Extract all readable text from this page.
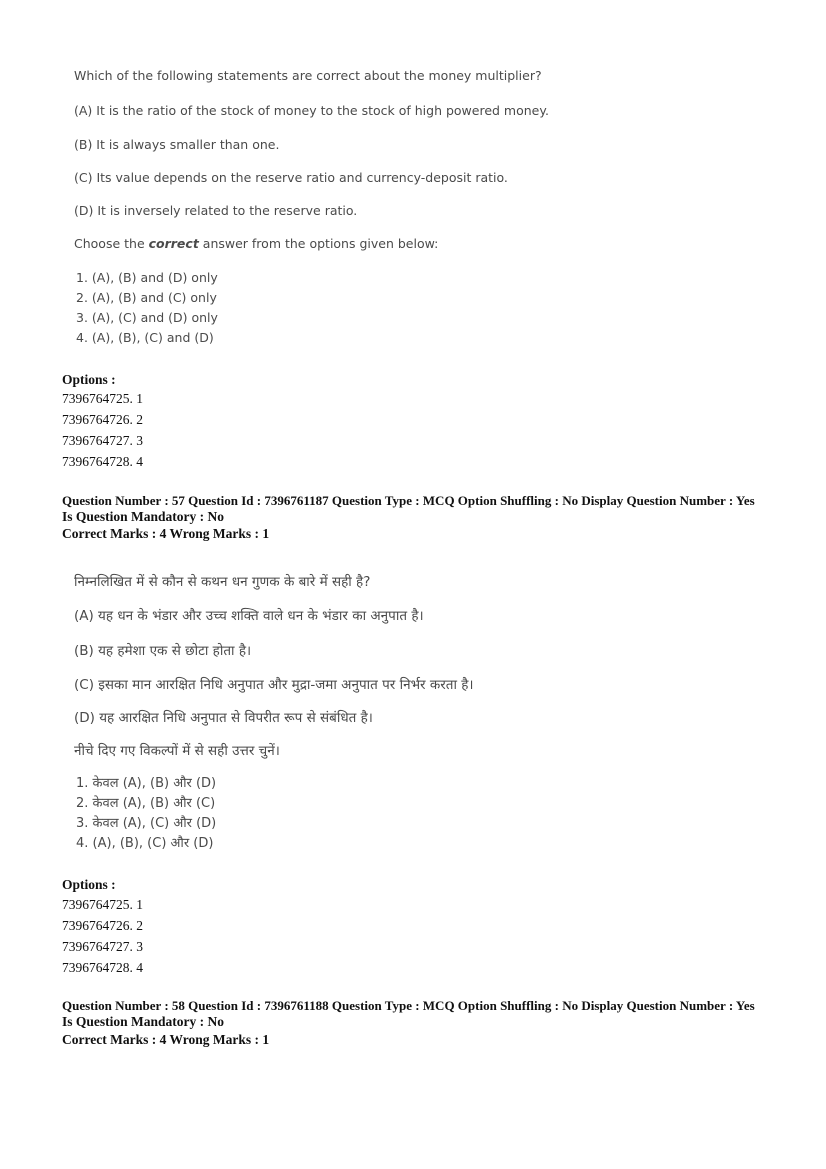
Which of the following statements are correct about the money multiplier?
(A) It is the ratio of the stock of money to the stock of high powered money.
(B) It is always smaller than one.
(C) Its value depends on the reserve ratio and currency-deposit ratio.
(D) It is inversely related to the reserve ratio.
Choose the correct answer from the options given below:
1. (A), (B) and (D) only
2. (A), (B) and (C) only
3. (A), (C) and (D) only
4. (A), (B), (C) and (D)
Options :
7396764725. 1
7396764726. 2
7396764727. 3
7396764728. 4
Question Number : 57 Question Id : 7396761187 Question Type : MCQ Option Shuffling : No Display Question Number : Yes
Is Question Mandatory : No
Correct Marks : 4 Wrong Marks : 1
निम्नलिखित में से कौन से कथन धन गुणक के बारे में सही है?
(A) यह धन के भंडार और उच्च शक्ति वाले धन के भंडार का अनुपात है।
(B) यह हमेशा एक से छोटा होता है।
(C) इसका मान आरक्षित निधि अनुपात और मुद्रा-जमा अनुपात पर निर्भर करता है।
(D) यह आरक्षित निधि अनुपात से विपरीत रूप से संबंधित है।
नीचे दिए गए विकल्पों में से सही उत्तर चुनें।
1. केवल (A), (B) और (D)
2. केवल (A), (B) और (C)
3. केवल (A), (C) और (D)
4. (A), (B), (C) और (D)
Options :
7396764725. 1
7396764726. 2
7396764727. 3
7396764728. 4
Question Number : 58 Question Id : 7396761188 Question Type : MCQ Option Shuffling : No Display Question Number : Yes
Is Question Mandatory : No
Correct Marks : 4 Wrong Marks : 1
